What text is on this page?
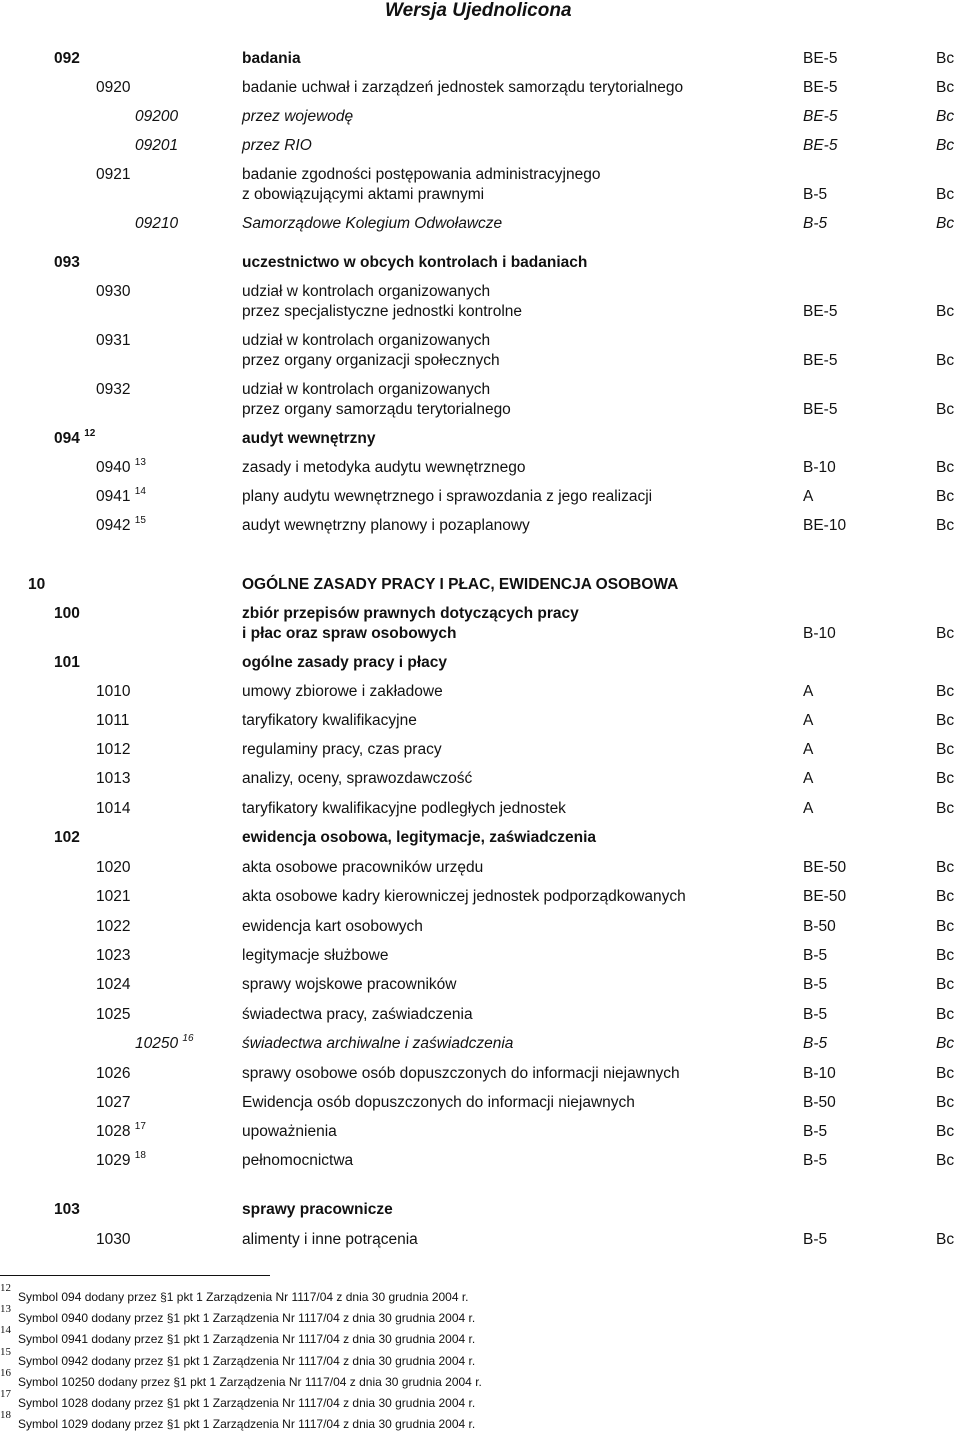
Wersja Ujednolicona
092	badania	BE-5	Bc
0920	badanie uchwał i zarządzeń jednostek samorządu terytorialnego	BE-5	Bc
09200	przez wojewodę	BE-5	Bc
09201	przez RIO	BE-5	Bc
0921	badanie zgodności postępowania administracyjnego
z obowiązującymi aktami prawnymi	B-5	Bc
09210	Samorządowe Kolegium Odwoławcze	B-5	Bc
093	uczestnictwo w obcych kontrolach i badaniach
0930	udział w kontrolach organizowanych
przez specjalistyczne jednostki kontrolne	BE-5	Bc
0931	udział w kontrolach organizowanych
przez organy organizacji społecznych	BE-5	Bc
0932	udział w kontrolach organizowanych
przez organy samorządu terytorialnego	BE-5	Bc
094 $^{12}$	audyt wewnętrzny
0940 $^{13}$	zasady i metodyka audytu wewnętrznego	B-10	Bc
0941 $^{14}$	plany audytu wewnętrznego i sprawozdania z jego realizacji	A	Bc
0942 $^{15}$	audyt wewnętrzny planowy i pozaplanowy	BE-10	Bc
10	OGÓLNE ZASADY PRACY I PŁAC, EWIDENCJA OSOBOWA
100	zbiór przepisów prawnych dotyczących pracy
i płac oraz spraw osobowych	B-10	Bc
101	ogólne zasady pracy i płacy
1010	umowy zbiorowe i zakładowe	A	Bc
1011	taryfikatory kwalifikacyjne	A	Bc
1012	regulaminy pracy, czas pracy	A	Bc
1013	analizy, oceny, sprawozdawczość	A	Bc
1014	taryfikatory kwalifikacyjne podległych jednostek	A	Bc
102	ewidencja osobowa, legitymacje, zaświadczenia
1020	akta osobowe pracowników urzędu	BE-50	Bc
1021	akta osobowe kadry kierowniczej jednostek podporządkowanych	BE-50	Bc
1022	ewidencja kart osobowych	B-50	Bc
1023	legitymacje służbowe	B-5	Bc
1024	sprawy wojskowe pracowników	B-5	Bc
1025	świadectwa pracy, zaświadczenia	B-5	Bc
10250 $^{16}$	świadectwa archiwalne i zaświadczenia	B-5	Bc
1026	sprawy osobowe osób dopuszczonych do informacji niejawnych	B-10	Bc
1027	Ewidencja osób dopuszczonych do informacji niejawnych	B-50	Bc
1028 $^{17}$	upoważnienia	B-5	Bc
1029 $^{18}$	pełnomocnictwa	B-5	Bc
103	sprawy pracownicze
1030	alimenty i inne potrącenia	B-5	Bc
12
Symbol 094 dodany przez §1 pkt 1 Zarządzenia Nr 1117/04 z dnia 30 grudnia 2004 r.
13
Symbol 0940 dodany przez §1 pkt 1 Zarządzenia Nr 1117/04 z dnia 30 grudnia 2004 r.
14
Symbol 0941 dodany przez §1 pkt 1 Zarządzenia Nr 1117/04 z dnia 30 grudnia 2004 r.
15
Symbol 0942 dodany przez §1 pkt 1 Zarządzenia Nr 1117/04 z dnia 30 grudnia 2004 r.
16
Symbol 10250 dodany przez §1 pkt 1 Zarządzenia Nr 1117/04 z dnia 30 grudnia 2004 r.
17
Symbol 1028 dodany przez §1 pkt 1 Zarządzenia Nr 1117/04 z dnia 30 grudnia 2004 r.
18
Symbol 1029 dodany przez §1 pkt 1 Zarządzenia Nr 1117/04 z dnia 30 grudnia 2004 r.
